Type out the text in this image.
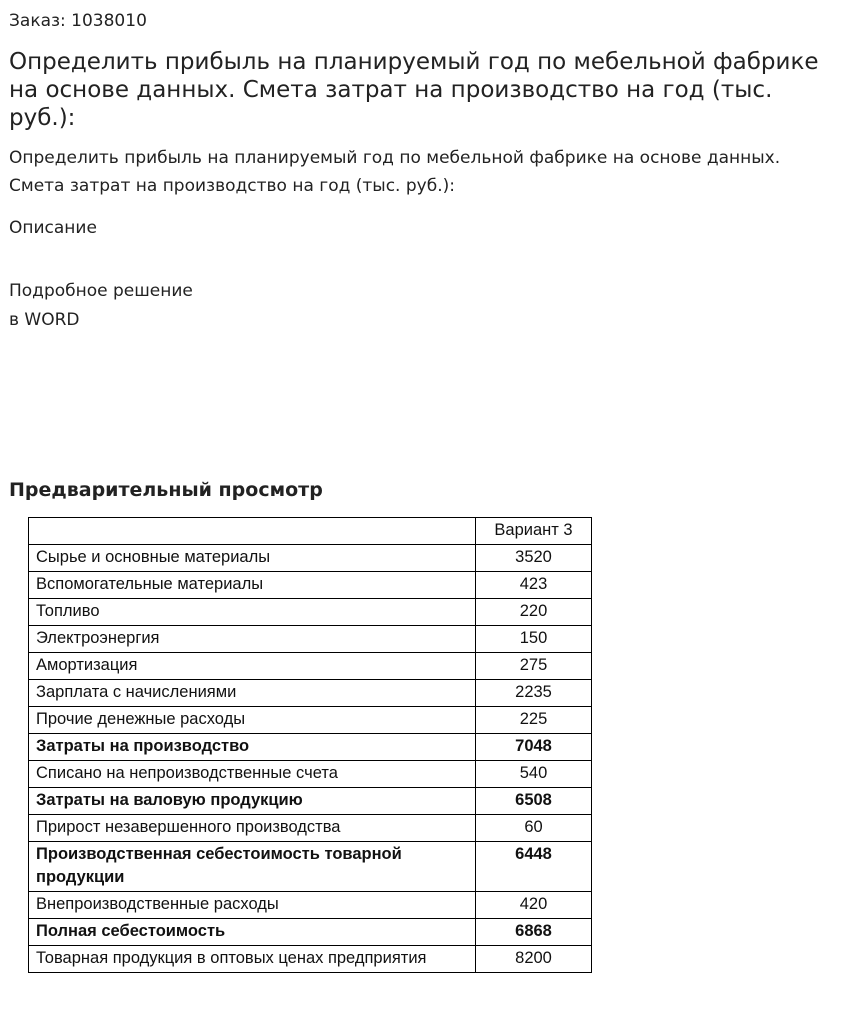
Заказ: 1038010
Определить прибыль на планируемый год по мебельной фабрике на основе данных. Смета затрат на производство на год (тыс. руб.):
Определить прибыль на планируемый год по мебельной фабрике на основе данных. Смета затрат на производство на год (тыс. руб.):
Описание
Подробное решение
в WORD
Предварительный просмотр
	Вариант 3
Сырье и основные материалы	3520
Вспомогательные материалы	423
Топливо	220
Электроэнергия	150
Амортизация	275
Зарплата с начислениями	2235
Прочие денежные расходы	225
Затраты на производство	7048
Списано на непроизводственные счета	540
Затраты на валовую продукцию	6508
Прирост незавершенного производства	60
Производственная себестоимость товарной продукции	6448
Внепроизводственные расходы	420
Полная себестоимость	6868
Товарная продукция в оптовых ценах предприятия	8200
